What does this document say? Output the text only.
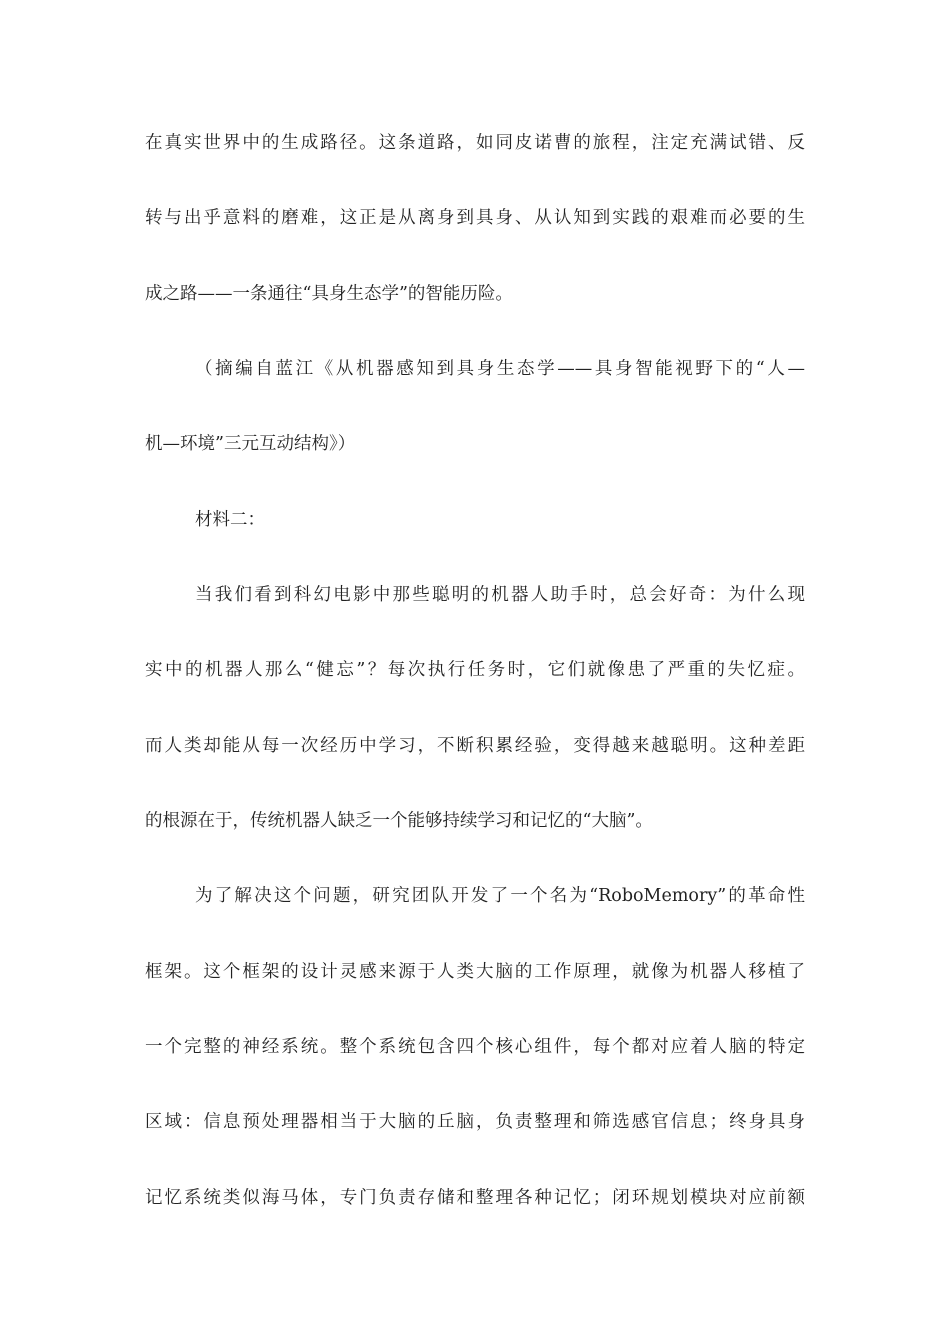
在真实世界中的生成路径。这条道路，如同皮诺曹的旅程，注定充满试错、反
转与出乎意料的磨难，这正是从离身到具身、从认知到实践的艰难而必要的生
成之路——一条通往“具身生态学”的智能历险。
（摘编自蓝江《从机器感知到具身生态学——具身智能视野下的“人—
机—环境”三元互动结构》）
材料二：
当我们看到科幻电影中那些聪明的机器人助手时，总会好奇：为什么现
实中的机器人那么“健忘”？每次执行任务时，它们就像患了严重的失忆症。
而人类却能从每一次经历中学习，不断积累经验，变得越来越聪明。这种差距
的根源在于，传统机器人缺乏一个能够持续学习和记忆的“大脑”。
为了解决这个问题，研究团队开发了一个名为“RoboMemory”的革命性
框架。这个框架的设计灵感来源于人类大脑的工作原理，就像为机器人移植了
一个完整的神经系统。整个系统包含四个核心组件，每个都对应着人脑的特定
区域：信息预处理器相当于大脑的丘脑，负责整理和筛选感官信息；终身具身
记忆系统类似海马体，专门负责存储和整理各种记忆；闭环规划模块对应前额
